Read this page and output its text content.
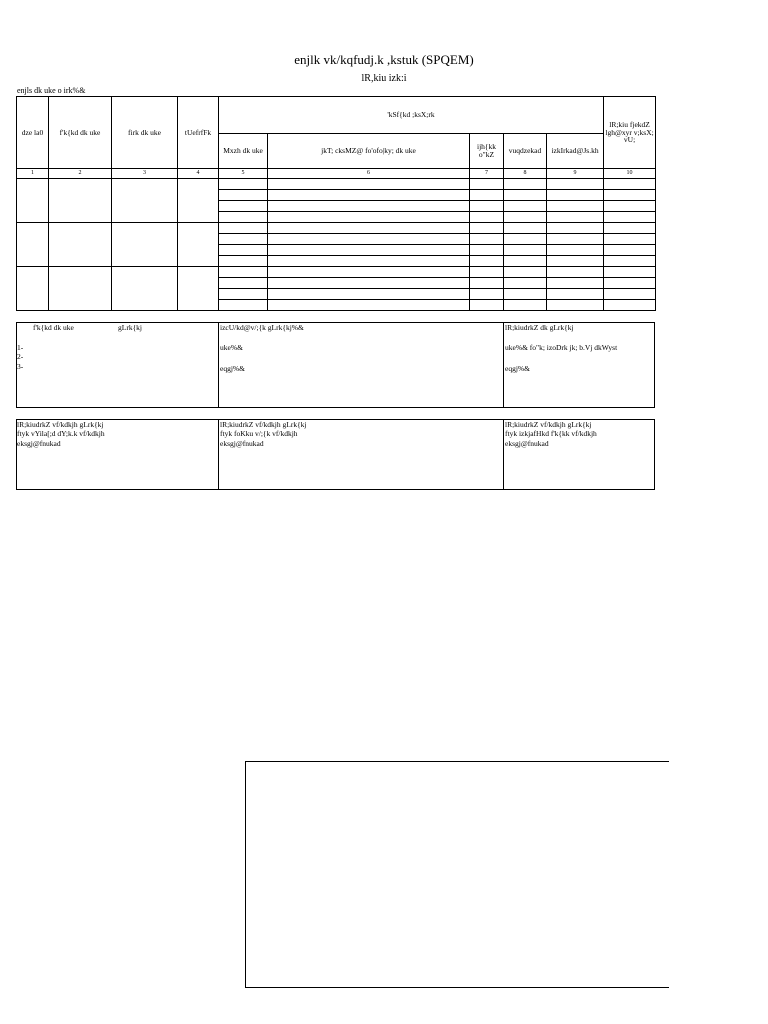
enjlk vk/kqfudj.k ,kstuk (SPQEM)
lR,kiu izk:i
enjls dk uke o irk%&
dze la0	f'k{kd dk uke	firk dk uke	tUefrfFk	'kSf{kd ;ksX;rk					lR;kiu fjekdZ lgh@xyr v;ksX; vU;
				Mxzh dk uke	jkT; cksMZ@ fo'ofo|ky; dk uke	ijh{kk o"kZ	vuqdzekad	izkIrkad@Js.kh	
1	2	3	4	5	6	7	8	9	10

f'k{kd dk uke	gLrk{kj
1-
2-
3-
izcU/kd@v/;{k gLrk{kj%&
uke%&
eqgj%&
lR;kiudrkZ dk gLrk{kj
uke%& fo"k; izoDrk jk; b.Vj dkWyst
eqgj%&
lR;kiudrkZ vf/kdkjh gLrk{kj
ftyk vYila[;d dY;k.k vf/kdkjh
eksgj@fnukad
lR;kiudrkZ vf/kdkjh gLrk{kj
ftyk foKku v/;{k vf/kdkjh
eksgj@fnukad
lR;kiudrkZ vf/kdkjh gLrk{kj
ftyk izkjafHkd f'k{kk vf/kdkjh
eksgj@fnukad
